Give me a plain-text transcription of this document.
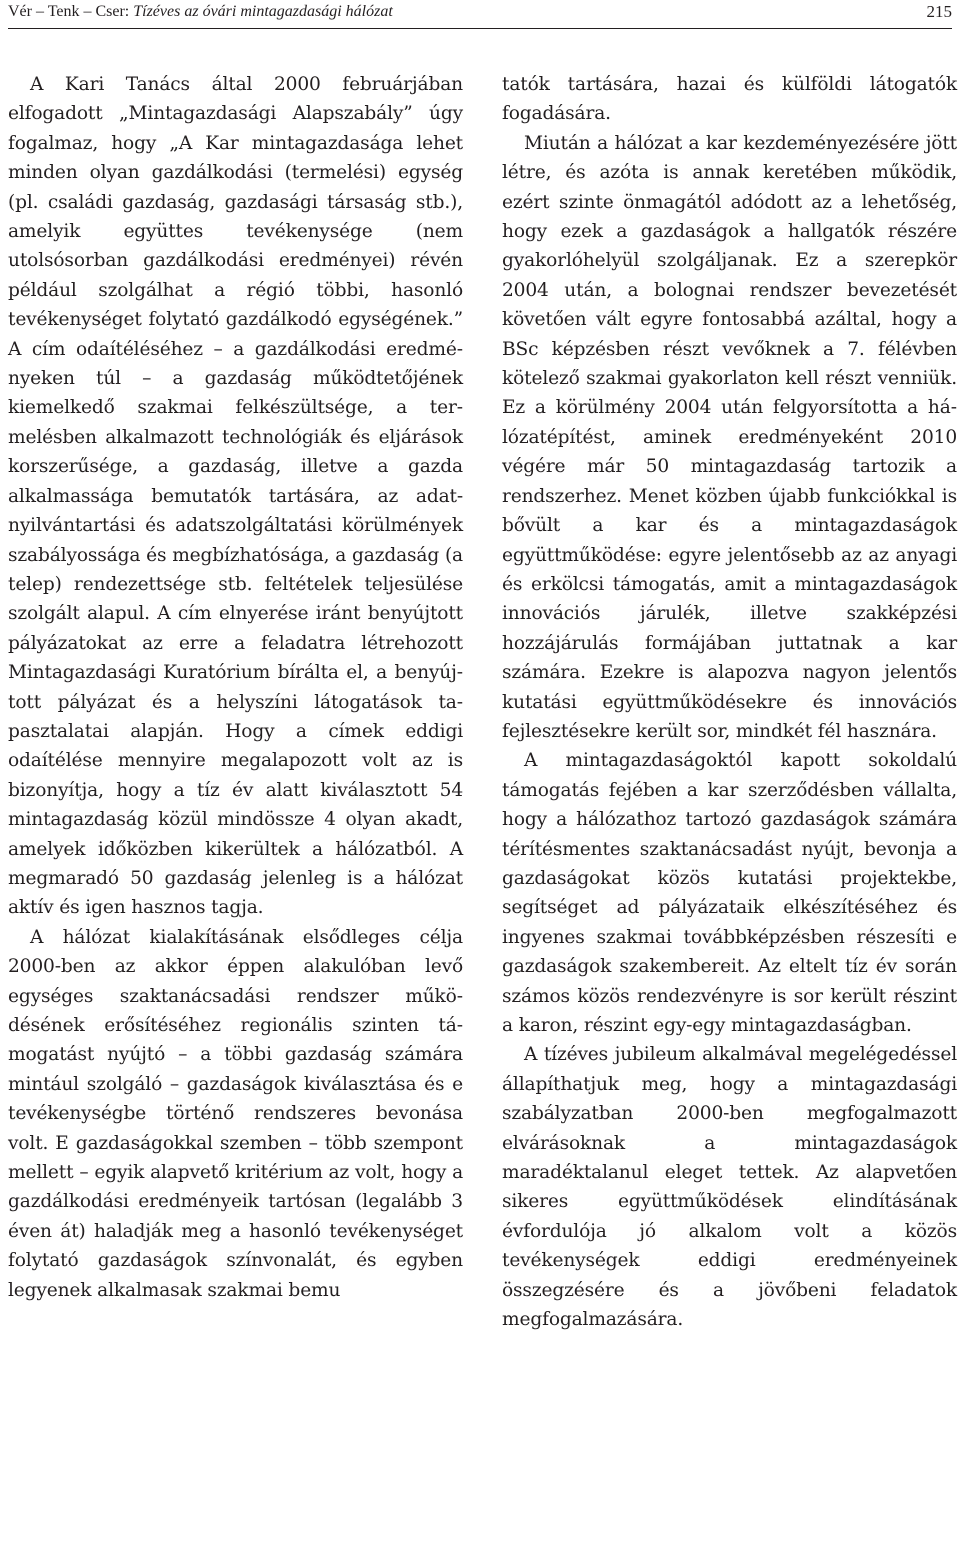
Vér – Tenk – Cser: Tízéves az óvári mintagazdasági hálózat	215

A Kari Tanács által 2000 februárjában elfogadott „Mintagazdasági Alapszabály” úgy fogalmaz, hogy „A Kar mintagazdasága lehet minden olyan gazdálkodási (termelési) egység (pl. családi gazdaság, gazdasági társaság stb.), amelyik együttes tevékenysége (nem utolsósorban gazdálkodási eredményei) révén például szolgálhat a régió többi, hasonló tevékenységet folytató gazdálkodó egységének.” A cím odaítéléséhez – a gazdálkodási eredményeken túl – a gazdaság működtetőjének kiemelkedő szakmai felkészültsége, a termelésben alkalmazott technológiák és eljárások korszerűsége, a gazdaság, illetve a gazda alkalmassága bemutatók tartására, az adat-nyilvántartási és adatszolgáltatási körülmények szabályossága és megbízhatósága, a gazdaság (a telep) rendezettsége stb. feltételek teljesülése szolgált alapul. A cím elnyerése iránt benyújtott pályázatokat az erre a feladatra létrehozott Mintagazdasági Kuratórium bírálta el, a benyújtott pályázat és a helyszíni látogatások tapasztalatai alapján. Hogy a címek eddigi odaítélése mennyire megalapozott volt az is bizonyítja, hogy a tíz év alatt kiválasztott 54 mintagazdaság közül mindössze 4 olyan akadt, amelyek időközben kikerültek a hálózatból. A megmaradó 50 gazdaság jelenleg is a hálózat aktív és igen hasznos tagja.

A hálózat kialakításának elsődleges célja 2000-ben az akkor éppen alakulóban levő egységes szaktanácsadási rendszer működésének erősítéséhez regionális szinten támogatást nyújtó – a többi gazdaság számára mintául szolgáló – gazdaságok kiválasztása és e tevékenységbe történő rendszeres bevonása volt. E gazdaságokkal szemben – több szempont mellett – egyik alapvető kritérium az volt, hogy a gazdálkodási eredményeik tartósan (legalább 3 éven át) haladják meg a hasonló tevékenységet folytató gazdaságok színvonalát, és egyben legyenek alkalmasak szakmai bemu

tatók tartására, hazai és külföldi látogatók fogadására.

Miután a hálózat a kar kezdeményezésére jött létre, és azóta is annak keretében működik, ezért szinte önmagától adódott az a lehetőség, hogy ezek a gazdaságok a hallgatók részére gyakorlóhelyül szolgáljanak. Ez a szerepkör 2004 után, a bolognai rendszer bevezetését követően vált egyre fontosabbá azáltal, hogy a BSc képzésben részt vevőknek a 7. félévben kötelező szakmai gyakorlaton kell részt venniük. Ez a körülmény 2004 után felgyorsította a hálózatépítést, aminek eredményeként 2010 végére már 50 mintagazdaság tartozik a rendszerhez. Menet közben újabb funkciókkal is bővült a kar és a mintagazdaságok együttműködése: egyre jelentősebb az az anyagi és erkölcsi támogatás, amit a mintagazdaságok innovációs járulék, illetve szakképzési hozzájárulás formájában juttatnak a kar számára. Ezekre is alapozva nagyon jelentős kutatási együttműködésekre és innovációs fejlesztésekre került sor, mindkét fél hasznára.

A mintagazdaságoktól kapott sokoldalú támogatás fejében a kar szerződésben vállalta, hogy a hálózathoz tartozó gazdaságok számára térítésmentes szaktanácsadást nyújt, bevonja a gazdaságokat közös kutatási projektekbe, segítséget ad pályázataik elkészítéséhez és ingyenes szakmai továbbképzésben részesíti e gazdaságok szakembereit. Az eltelt tíz év során számos közös rendezvényre is sor került részint a karon, részint egy-egy mintagazdaságban.

A tízéves jubileum alkalmával megelégedéssel állapíthatjuk meg, hogy a mintagazdasági szabályzatban 2000-ben megfogalmazott elvárásoknak a mintagazdaságok maradéktalanul eleget tettek. Az alapvetően sikeres együttműködések elindításának évfordulója jó alkalom volt a közös tevékenységek eddigi eredményeinek összegzésére és a jövőbeni feladatok megfogalmazására.
